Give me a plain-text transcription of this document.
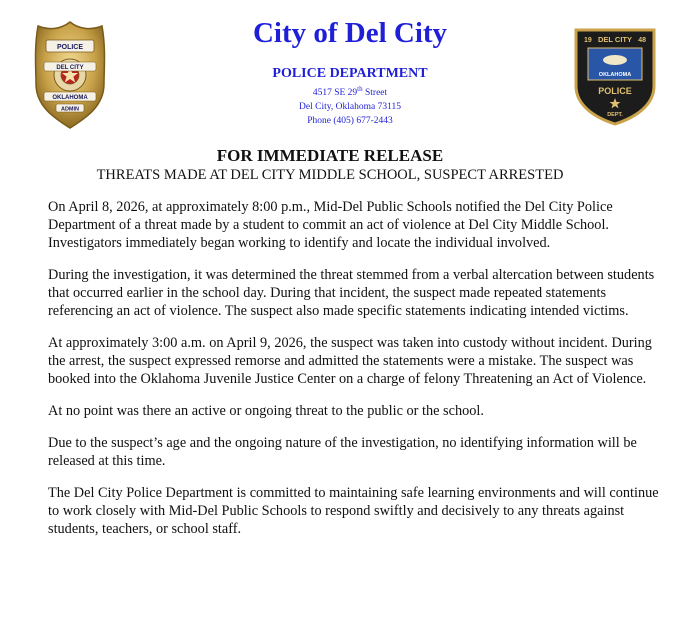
POLICE
DEL CITY
OKLAHOMA
ADMIN
City of Del City
POLICE DEPARTMENT
4517 SE 29th Street
Del City, Oklahoma 73115
Phone (405) 677-2443
19 DEL CITY 48
OKLAHOMA
POLICE
DEPT.
FOR IMMEDIATE RELEASE
THREATS MADE AT DEL CITY MIDDLE SCHOOL, SUSPECT ARRESTED

On April 8, 2026, at approximately 8:00 p.m., Mid-Del Public Schools notified the Del City Police Department of a threat made by a student to commit an act of violence at Del City Middle School. Investigators immediately began working to identify and locate the individual involved.

During the investigation, it was determined the threat stemmed from a verbal altercation between students that occurred earlier in the school day. During that incident, the suspect made repeated statements referencing an act of violence. The suspect also made specific statements indicating intended victims.

At approximately 3:00 a.m. on April 9, 2026, the suspect was taken into custody without incident. During the arrest, the suspect expressed remorse and admitted the statements were a mistake. The suspect was booked into the Oklahoma Juvenile Justice Center on a charge of felony Threatening an Act of Violence.

At no point was there an active or ongoing threat to the public or the school.

Due to the suspect’s age and the ongoing nature of the investigation, no identifying information will be released at this time.

The Del City Police Department is committed to maintaining safe learning environments and will continue to work closely with Mid-Del Public Schools to respond swiftly and decisively to any threats against students, teachers, or school staff.
